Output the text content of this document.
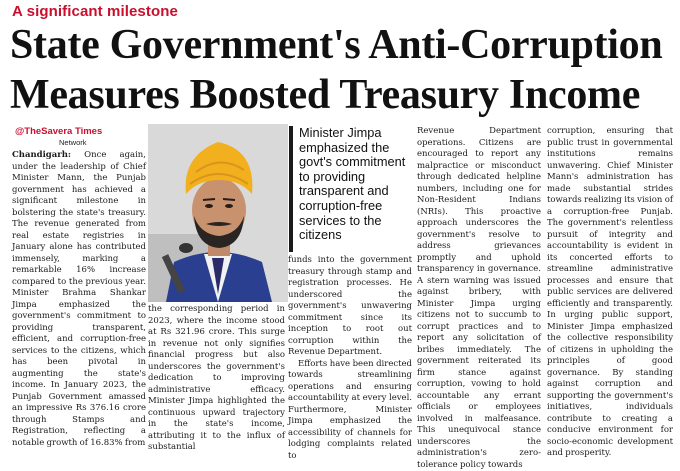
A significant milestone
State Government's Anti-Corruption
Measures Boosted Treasury Income
@TheSavera Times
Network

Minister Jimpa emphasized the govt's commitment to providing transparent and corruption-free services to the citizens

Chandigarh: Once again, under the leadership of Chief Minister Mann, the Punjab government has achieved a significant milestone in bolstering the state's treasury. The revenue generated from real estate registries in January alone has contributed immensely, marking a remarkable 16% increase compared to the previous year. Minister Brahma Shankar Jimpa emphasized the government's commitment to providing transparent, efficient, and corruption-free services to the citizens, which has been pivotal in augmenting the state's income. In January 2023, the Punjab Government amassed an impressive Rs 376.16 crore through Stamps and Registration, reflecting a notable growth of 16.83% from

the corresponding period in 2023, where the income stood at Rs 321.96 crore. This surge in revenue not only signifies financial progress but also underscores the government's dedication to improving administrative efficacy. Minister Jimpa highlighted the continuous upward trajectory in the state's income, attributing it to the influx of substantial

funds into the government treasury through stamp and registration processes. He underscored the government's unwavering commitment since its inception to root out corruption within the Revenue Department.

Efforts have been directed towards streamlining operations and ensuring accountability at every level. Furthermore, Minister Jimpa emphasized the accessibility of channels for lodging complaints related to

Revenue Department operations. Citizens are encouraged to report any malpractice or misconduct through dedicated helpline numbers, including one for Non-Resident Indians (NRIs). This proactive approach underscores the government's resolve to address grievances promptly and uphold transparency in governance. A stern warning was issued against bribery, with Minister Jimpa urging citizens not to succumb to corrupt practices and to report any solicitation of bribes immediately. The government reiterated its firm stance against corruption, vowing to hold accountable any errant officials or employees involved in malfeasance. This unequivocal stance underscores the administration's zero-tolerance policy towards

corruption, ensuring that public trust in governmental institutions remains unwavering. Chief Minister Mann's administration has made substantial strides towards realizing its vision of a corruption-free Punjab. The government's relentless pursuit of integrity and accountability is evident in its concerted efforts to streamline administrative processes and ensure that public services are delivered efficiently and transparently. In urging public support, Minister Jimpa emphasized the collective responsibility of citizens in upholding the principles of good governance. By standing against corruption and supporting the government's initiatives, individuals contribute to creating a conducive environment for socio-economic development and prosperity.
